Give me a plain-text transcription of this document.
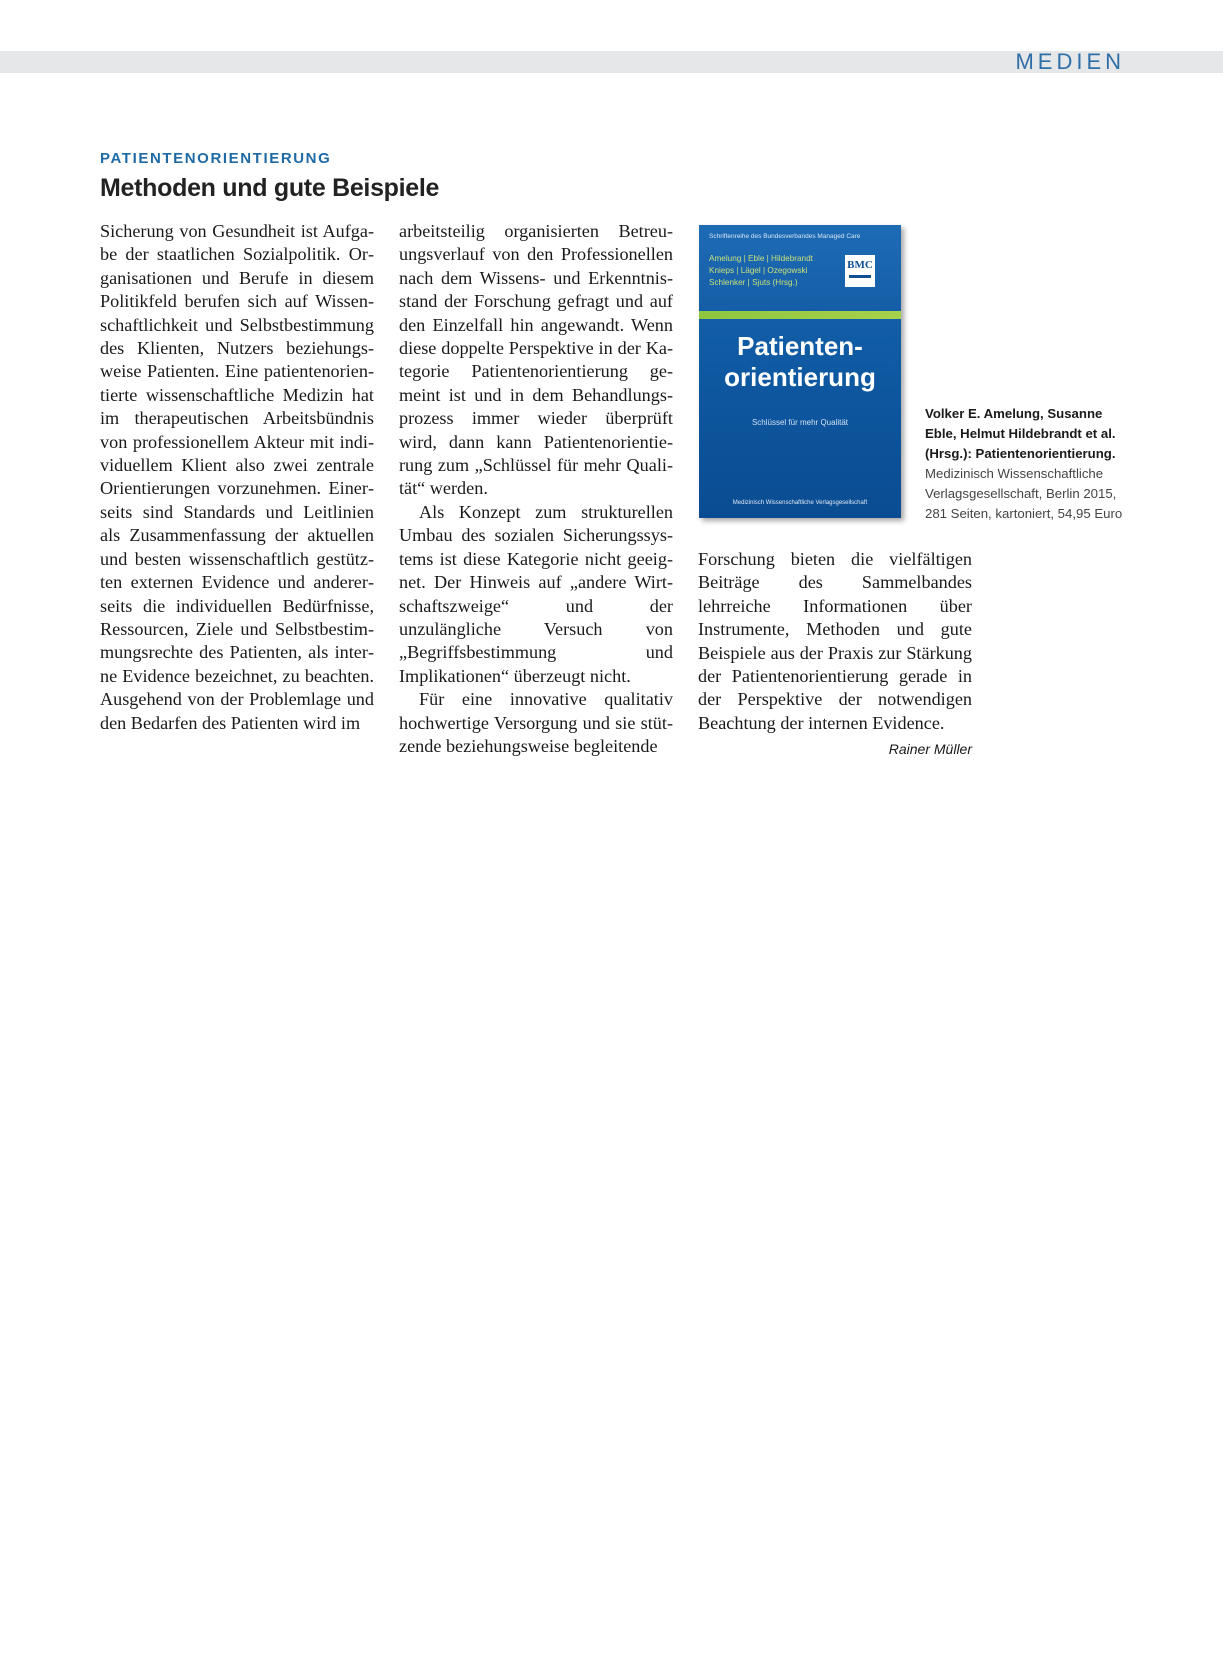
MEDIEN
PATIENTENORIENTIERUNG
Methoden und gute Beispiele

Sicherung von Gesundheit ist Aufgabe der staatlichen Sozialpolitik. Organisationen und Berufe in diesem Politikfeld berufen sich auf Wissenschaftlichkeit und Selbstbestimmung des Klienten, Nutzers beziehungsweise Patienten. Eine patientenorientierte wissenschaftliche Medizin hat im therapeutischen Arbeitsbündnis von professionellem Akteur mit individuellem Klient also zwei zentrale Orientierungen vorzunehmen. Einerseits sind Standards und Leitlinien als Zusammenfassung der aktuellen und besten wissenschaftlich gestützten externen Evidence und andererseits die individuellen Bedürfnisse, Ressourcen, Ziele und Selbstbestimmungsrechte des Patienten, als interne Evidence bezeichnet, zu beachten. Ausgehend von der Problemlage und den Bedarfen des Patienten wird im

arbeitsteilig organisierten Betreuungsverlauf von den Professionellen nach dem Wissens- und Erkenntnisstand der Forschung gefragt und auf den Einzelfall hin angewandt. Wenn diese doppelte Perspektive in der Kategorie Patientenorientierung gemeint ist und in dem Behandlungsprozess immer wieder überprüft wird, dann kann Patientenorientierung zum „Schlüssel für mehr Qualität“ werden.

Als Konzept zum strukturellen Umbau des sozialen Sicherungssystems ist diese Kategorie nicht geeignet. Der Hinweis auf „andere Wirtschaftszweige“ und der unzulängliche Versuch von „Begriffsbestimmung und Implikationen“ überzeugt nicht.

Für eine innovative qualitativ hochwertige Versorgung und sie stützende beziehungsweise begleitende

Schriftenreihe des Bundesverbandes Managed Care
Amelung | Eble | Hildebrandt
Knieps | Lägel | Ozegowski
Schlenker | Sjuts (Hrsg.)
BMC
Patienten-
orientierung
Schlüssel für mehr Qualität
Medizinisch Wissenschaftliche Verlagsgesellschaft
Volker E. Amelung, Susanne
Eble, Helmut Hildebrandt et al.
(Hrsg.): Patientenorientierung.
Medizinisch Wissenschaftliche
Verlagsgesellschaft, Berlin 2015,
281 Seiten, kartoniert, 54,95 Euro

Forschung bieten die vielfältigen Beiträge des Sammelbandes lehrreiche Informationen über Instrumente, Methoden und gute Beispiele aus der Praxis zur Stärkung der Patientenorientierung gerade in der Perspektive der notwendigen Beachtung der internen Evidence.
Rainer Müller
